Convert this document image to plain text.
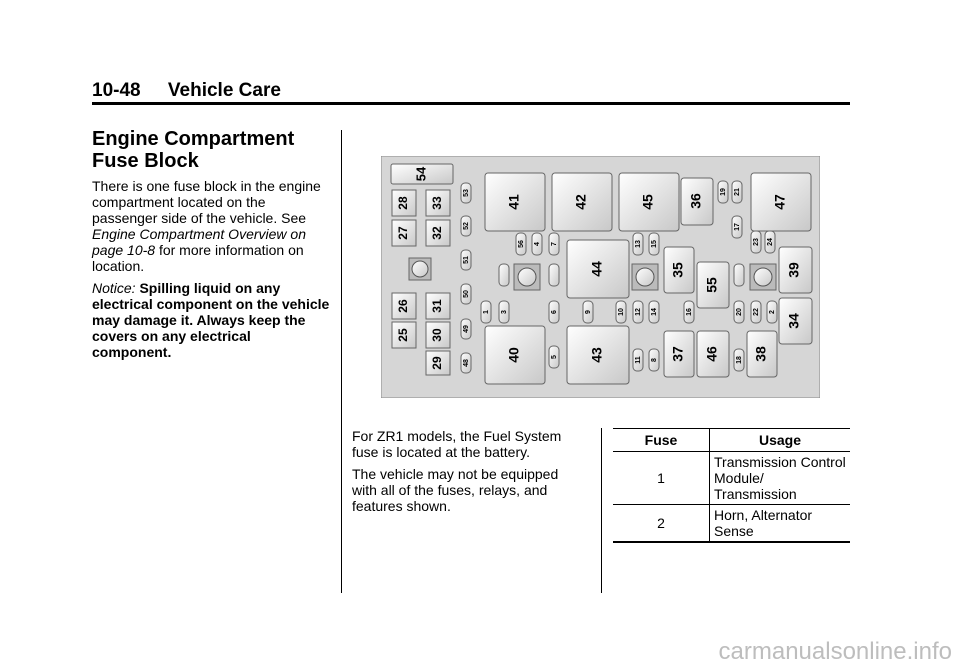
10-48 Vehicle Care
Engine Compartment
Fuse Block

There is one fuse block in the engine compartment located on the passenger side of the vehicle. See Engine Compartment Overview on page 10-8 for more information on location.

Notice: Spilling liquid on any electrical component on the vehicle may damage it. Always keep the covers on any electrical component.

54
28 33
27 32
26 31
25 30
29
53
52
51
50
49
48
41	42	45 36	47
19 21
17
23 24
56 4 7
44
13 15
35
55
39
1 3	6	9	10 12 14	16	20 22 2
34
40	5 43	11 8 37 46 18 38

For ZR1 models, the Fuel System fuse is located at the battery.

The vehicle may not be equipped with all of the fuses, relays, and features shown.

Fuse	Usage
1	Transmission Control Module/ Transmission
2	Horn, Alternator Sense
carmanualsonline.info
